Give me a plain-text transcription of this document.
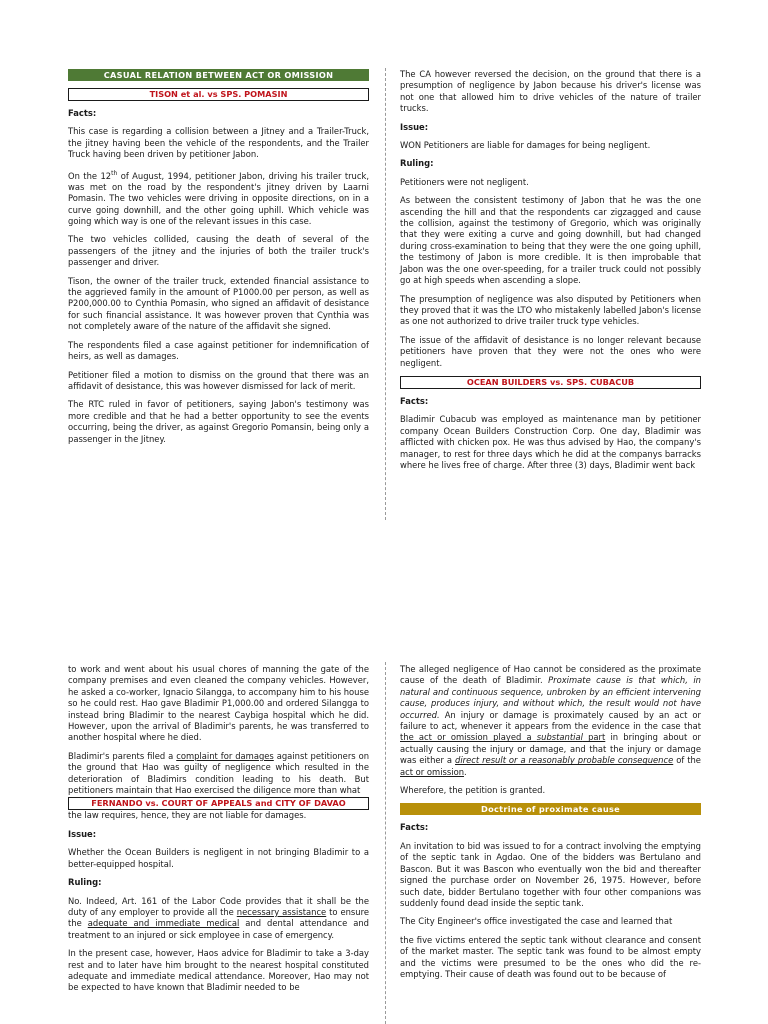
CASUAL RELATION BETWEEN ACT OR OMISSION
TISON et al. vs SPS. POMASIN
Facts:

This case is regarding a collision between a Jitney and a Trailer-Truck, the jitney having been the vehicle of the respondents, and the Trailer Truck having been driven by petitioner Jabon.

On the 12th of August, 1994, petitioner Jabon, driving his trailer truck, was met on the road by the respondent's jitney driven by Laarni Pomasin. The two vehicles were driving in opposite directions, on in a curve going downhill, and the other going uphill. Which vehicle was going which way is one of the relevant issues in this case.

The two vehicles collided, causing the death of several of the passengers of the jitney and the injuries of both the trailer truck's passenger and driver.

Tison, the owner of the trailer truck, extended financial assistance to the aggrieved family in the amount of P1000.00 per person, as well as P200,000.00 to Cynthia Pomasin, who signed an affidavit of desistance for such financial assistance. It was however proven that Cynthia was not completely aware of the nature of the affidavit she signed.

The respondents filed a case against petitioner for indemnification of heirs, as well as damages.

Petitioner filed a motion to dismiss on the ground that there was an affidavit of desistance, this was however dismissed for lack of merit.

The RTC ruled in favor of petitioners, saying Jabon's testimony was more credible and that he had a better opportunity to see the events occurring, being the driver, as against Gregorio Pomansin, being only a passenger in the Jitney.

The CA however reversed the decision, on the ground that there is a presumption of negligence by Jabon because his driver's license was not one that allowed him to drive vehicles of the nature of trailer trucks.

Issue:

WON Petitioners are liable for damages for being negligent.

Ruling:

Petitioners were not negligent.

As between the consistent testimony of Jabon that he was the one ascending the hill and that the respondents car zigzagged and cause the collision, against the testimony of Gregorio, which was originally that they were exiting a curve and going downhill, but had changed during cross-examination to being that they were the one going uphill, the testimony of Jabon is more credible. It is then improbable that Jabon was the one over-speeding, for a trailer truck could not possibly go at high speeds when ascending a slope.

The presumption of negligence was also disputed by Petitioners when they proved that it was the LTO who mistakenly labelled Jabon's license as one not authorized to drive trailer truck type vehicles.

The issue of the affidavit of desistance is no longer relevant because petitioners have proven that they were not the ones who were negligent.

OCEAN BUILDERS vs. SPS. CUBACUB
Facts:

Bladimir Cubacub was employed as maintenance man by petitioner company Ocean Builders Construction Corp. One day, Bladimir was afflicted with chicken pox. He was thus advised by Hao, the company's manager, to rest for three days which he did at the companys barracks where he lives free of charge. After three (3) days, Bladimir went back

to work and went about his usual chores of manning the gate of the company premises and even cleaned the company vehicles. However, he asked a co-worker, Ignacio Silangga, to accompany him to his house so he could rest. Hao gave Bladimir P1,000.00 and ordered Silangga to instead bring Bladimir to the nearest Caybiga hospital which he did. However, upon the arrival of Bladimir's parents, he was transferred to another hospital where he died.

Bladimir's parents filed a complaint for damages against petitioners on the ground that Hao was guilty of negligence which resulted in the deterioration of Bladimirs condition leading to his death. But petitioners maintain that Hao exercised the diligence more than what

FERNANDO vs. COURT OF APPEALS and CITY OF DAVAO

the law requires, hence, they are not liable for damages.

Issue:

Whether the Ocean Builders is negligent in not bringing Bladimir to a better-equipped hospital.

Ruling:

No. Indeed, Art. 161 of the Labor Code provides that it shall be the duty of any employer to provide all the necessary assistance to ensure the adequate and immediate medical and dental attendance and treatment to an injured or sick employee in case of emergency.

In the present case, however, Haos advice for Bladimir to take a 3-day rest and to later have him brought to the nearest hospital constituted adequate and immediate medical attendance. Moreover, Hao may not be expected to have known that Bladimir needed to be

The alleged negligence of Hao cannot be considered as the proximate cause of the death of Bladimir. Proximate cause is that which, in natural and continuous sequence, unbroken by an efficient intervening cause, produces injury, and without which, the result would not have occurred. An injury or damage is proximately caused by an act or failure to act, whenever it appears from the evidence in the case that the act or omission played a substantial part in bringing about or actually causing the injury or damage, and that the injury or damage was either a direct result or a reasonably probable consequence of the act or omission.

Wherefore, the petition is granted.

Doctrine of proximate cause
Facts:

An invitation to bid was issued to for a contract involving the emptying of the septic tank in Agdao. One of the bidders was Bertulano and Bascon. But it was Bascon who eventually won the bid and thereafter signed the purchase order on November 26, 1975. However, before such date, bidder Bertulano together with four other companions was suddenly found dead inside the septic tank.

The City Engineer's office investigated the case and learned that

the five victims entered the septic tank without clearance and consent of the market master. The septic tank was found to be almost empty and the victims were presumed to be the ones who did the re-emptying. Their cause of death was found out to be because of
